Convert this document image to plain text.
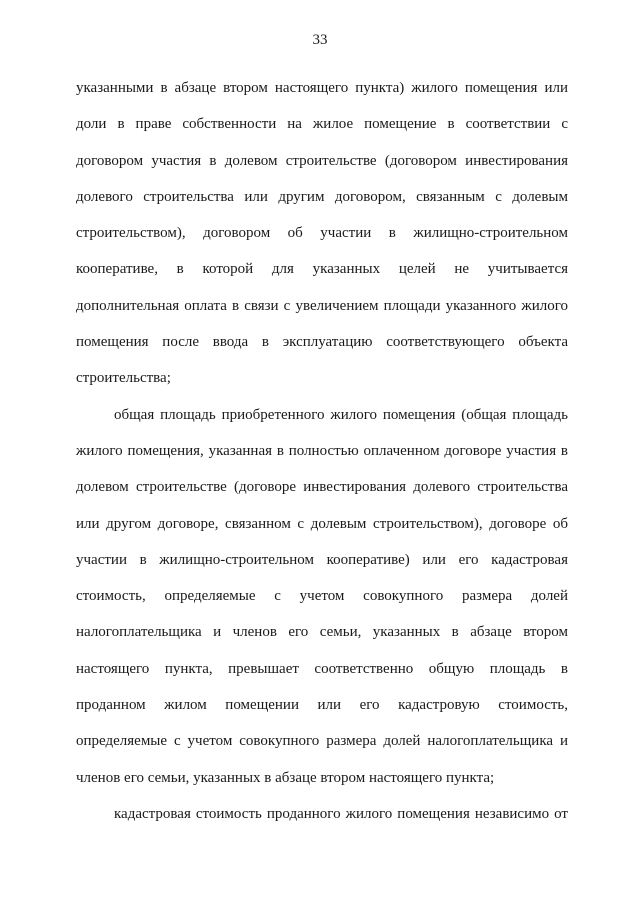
33

указанными в абзаце втором настоящего пункта) жилого помещения или доли в праве собственности на жилое помещение в соответствии с договором участия в долевом строительстве (договором инвестирования долевого строительства или другим договором, связанным с долевым строительством), договором об участии в жилищно-строительном кооперативе, в которой для указанных целей не учитывается дополнительная оплата в связи с увеличением площади указанного жилого помещения после ввода в эксплуатацию соответствующего объекта строительства;

общая площадь приобретенного жилого помещения (общая площадь жилого помещения, указанная в полностью оплаченном договоре участия в долевом строительстве (договоре инвестирования долевого строительства или другом договоре, связанном с долевым строительством), договоре об участии в жилищно-строительном кооперативе) или его кадастровая стоимость, определяемые с учетом совокупного размера долей налогоплательщика и членов его семьи, указанных в абзаце втором настоящего пункта, превышает соответственно общую площадь в проданном жилом помещении или его кадастровую стоимость, определяемые с учетом совокупного размера долей налогоплательщика и членов его семьи, указанных в абзаце втором настоящего пункта;

кадастровая стоимость проданного жилого помещения независимо от
